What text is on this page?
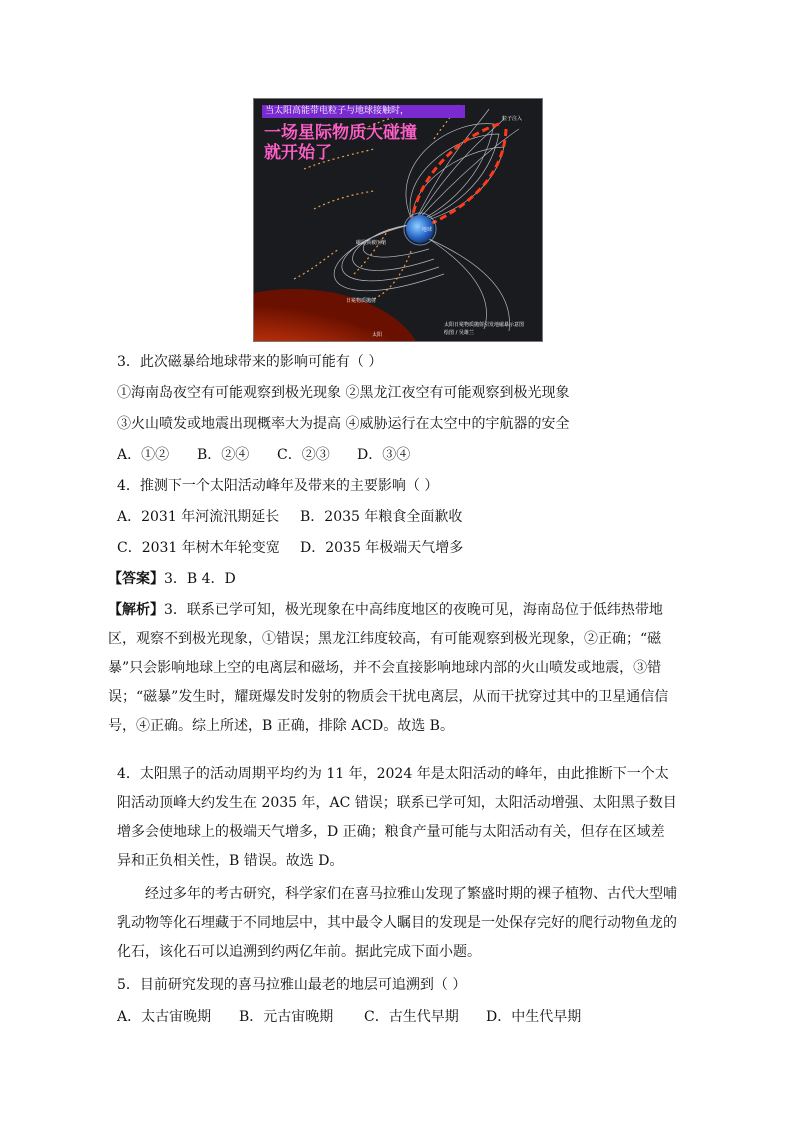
当太阳高能带电粒子与地球接触时，
一场星际物质大碰撞
就开始了
粒子注入
磁层顶被压缩
地球
日冕物质抛射
太阳
太阳日冕物质抛射引发地磁暴示意图
绘图 / 吴雄兰
3．此次磁暴给地球带来的影响可能有（ ）
①海南岛夜空有可能观察到极光现象 ②黑龙江夜空有可能观察到极光现象
③火山喷发或地震出现概率大为提高 ④威胁运行在太空中的宇航器的安全
A．①② B．②④ C．②③ D．③④
4．推测下一个太阳活动峰年及带来的主要影响（ ）
A．2031 年河流汛期延长 B．2035 年粮食全面歉收
C．2031 年树木年轮变宽 D．2035 年极端天气增多
【答案】3．B 4．D
【解析】3．联系已学可知，极光现象在中高纬度地区的夜晚可见，海南岛位于低纬热带地区，观察不到极光现象，①错误；黑龙江纬度较高，有可能观察到极光现象，②正确；“磁暴”只会影响地球上空的电离层和磁场，并不会直接影响地球内部的火山喷发或地震，③错误；“磁暴”发生时，耀斑爆发时发射的物质会干扰电离层，从而干扰穿过其中的卫星通信信号，④正确。综上所述，B 正确，排除 ACD。故选 B。
4．太阳黑子的活动周期平均约为 11 年，2024 年是太阳活动的峰年，由此推断下一个太阳活动顶峰大约发生在 2035 年，AC 错误；联系已学可知，太阳活动增强、太阳黑子数目增多会使地球上的极端天气增多，D 正确；粮食产量可能与太阳活动有关，但存在区域差异和正负相关性，B 错误。故选 D。
经过多年的考古研究，科学家们在喜马拉雅山发现了繁盛时期的裸子植物、古代大型哺乳动物等化石埋藏于不同地层中，其中最令人瞩目的发现是一处保存完好的爬行动物鱼龙的化石，该化石可以追溯到约两亿年前。据此完成下面小题。
5．目前研究发现的喜马拉雅山最老的地层可追溯到（ ）
A．太古宙晚期 B．元古宙晚期 C．古生代早期 D．中生代早期
